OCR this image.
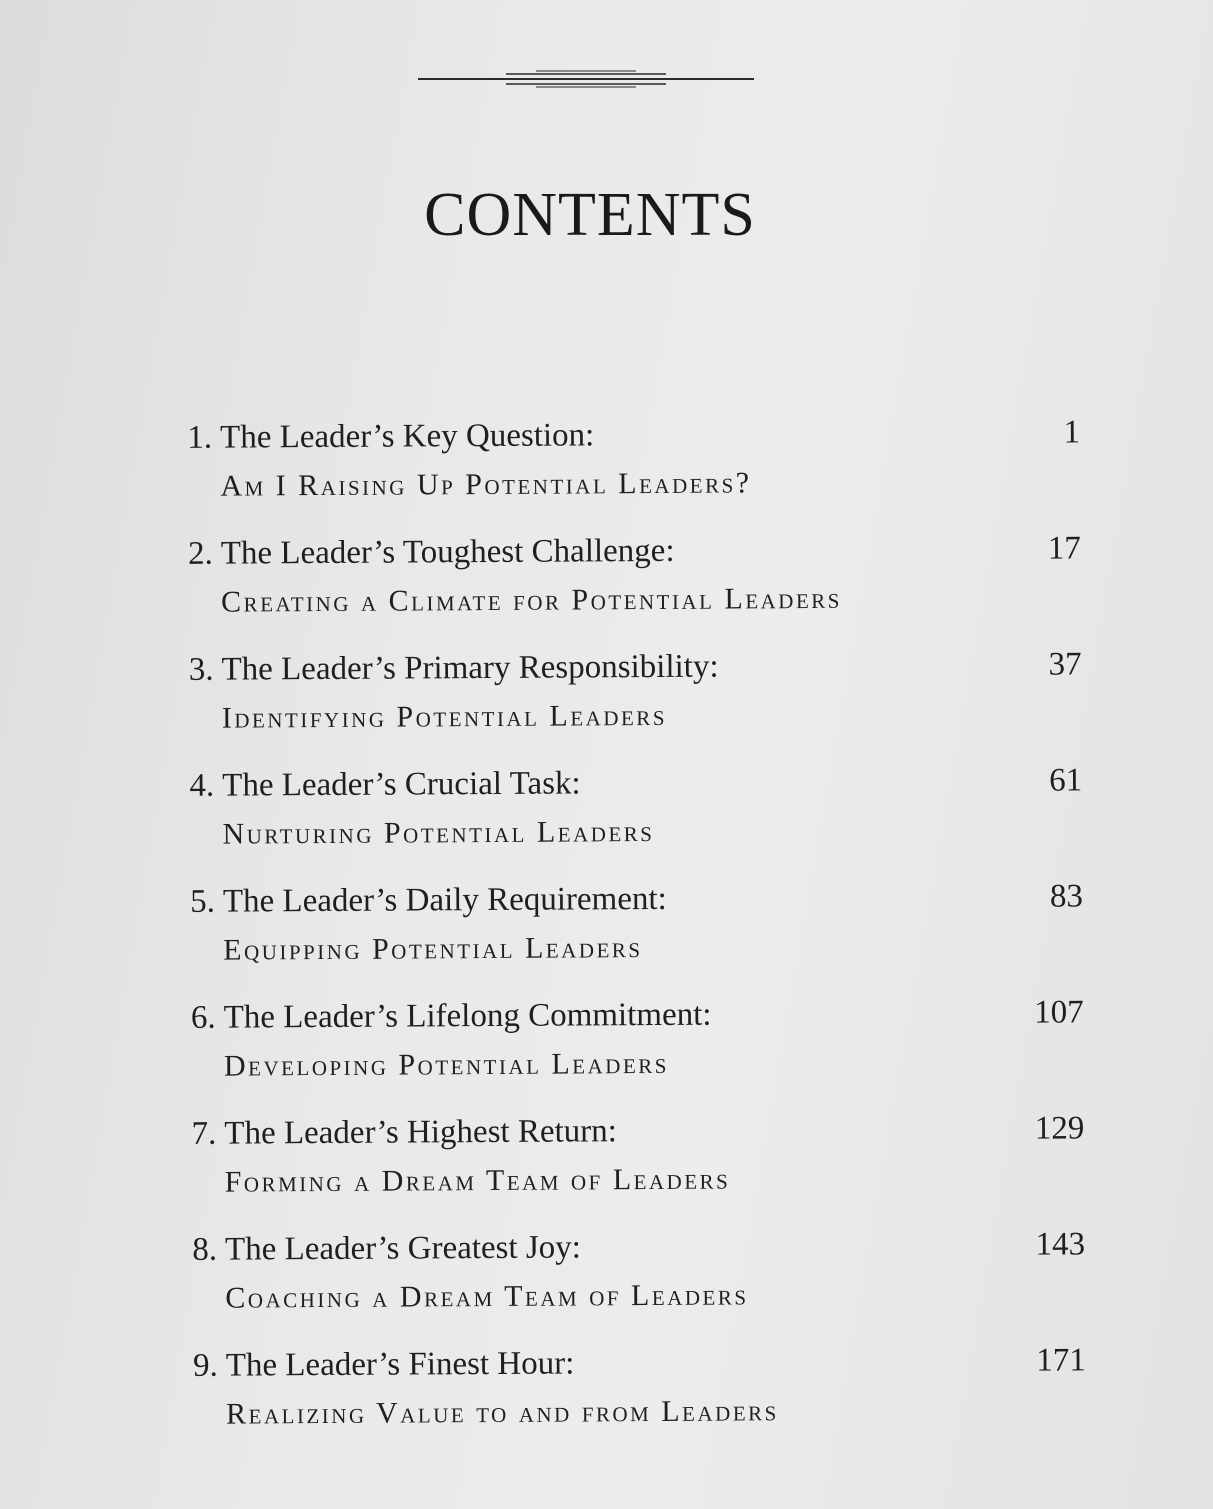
CONTENTS
1. The Leader’s Key Question:	1
Am I Raising Up Potential Leaders?
2. The Leader’s Toughest Challenge:	17
Creating a Climate for Potential Leaders
3. The Leader’s Primary Responsibility:	37
Identifying Potential Leaders
4. The Leader’s Crucial Task:	61
Nurturing Potential Leaders
5. The Leader’s Daily Requirement:	83
Equipping Potential Leaders
6. The Leader’s Lifelong Commitment:	107
Developing Potential Leaders
7. The Leader’s Highest Return:	129
Forming a Dream Team of Leaders
8. The Leader’s Greatest Joy:	143
Coaching a Dream Team of Leaders
9. The Leader’s Finest Hour:	171
Realizing Value to and from Leaders
